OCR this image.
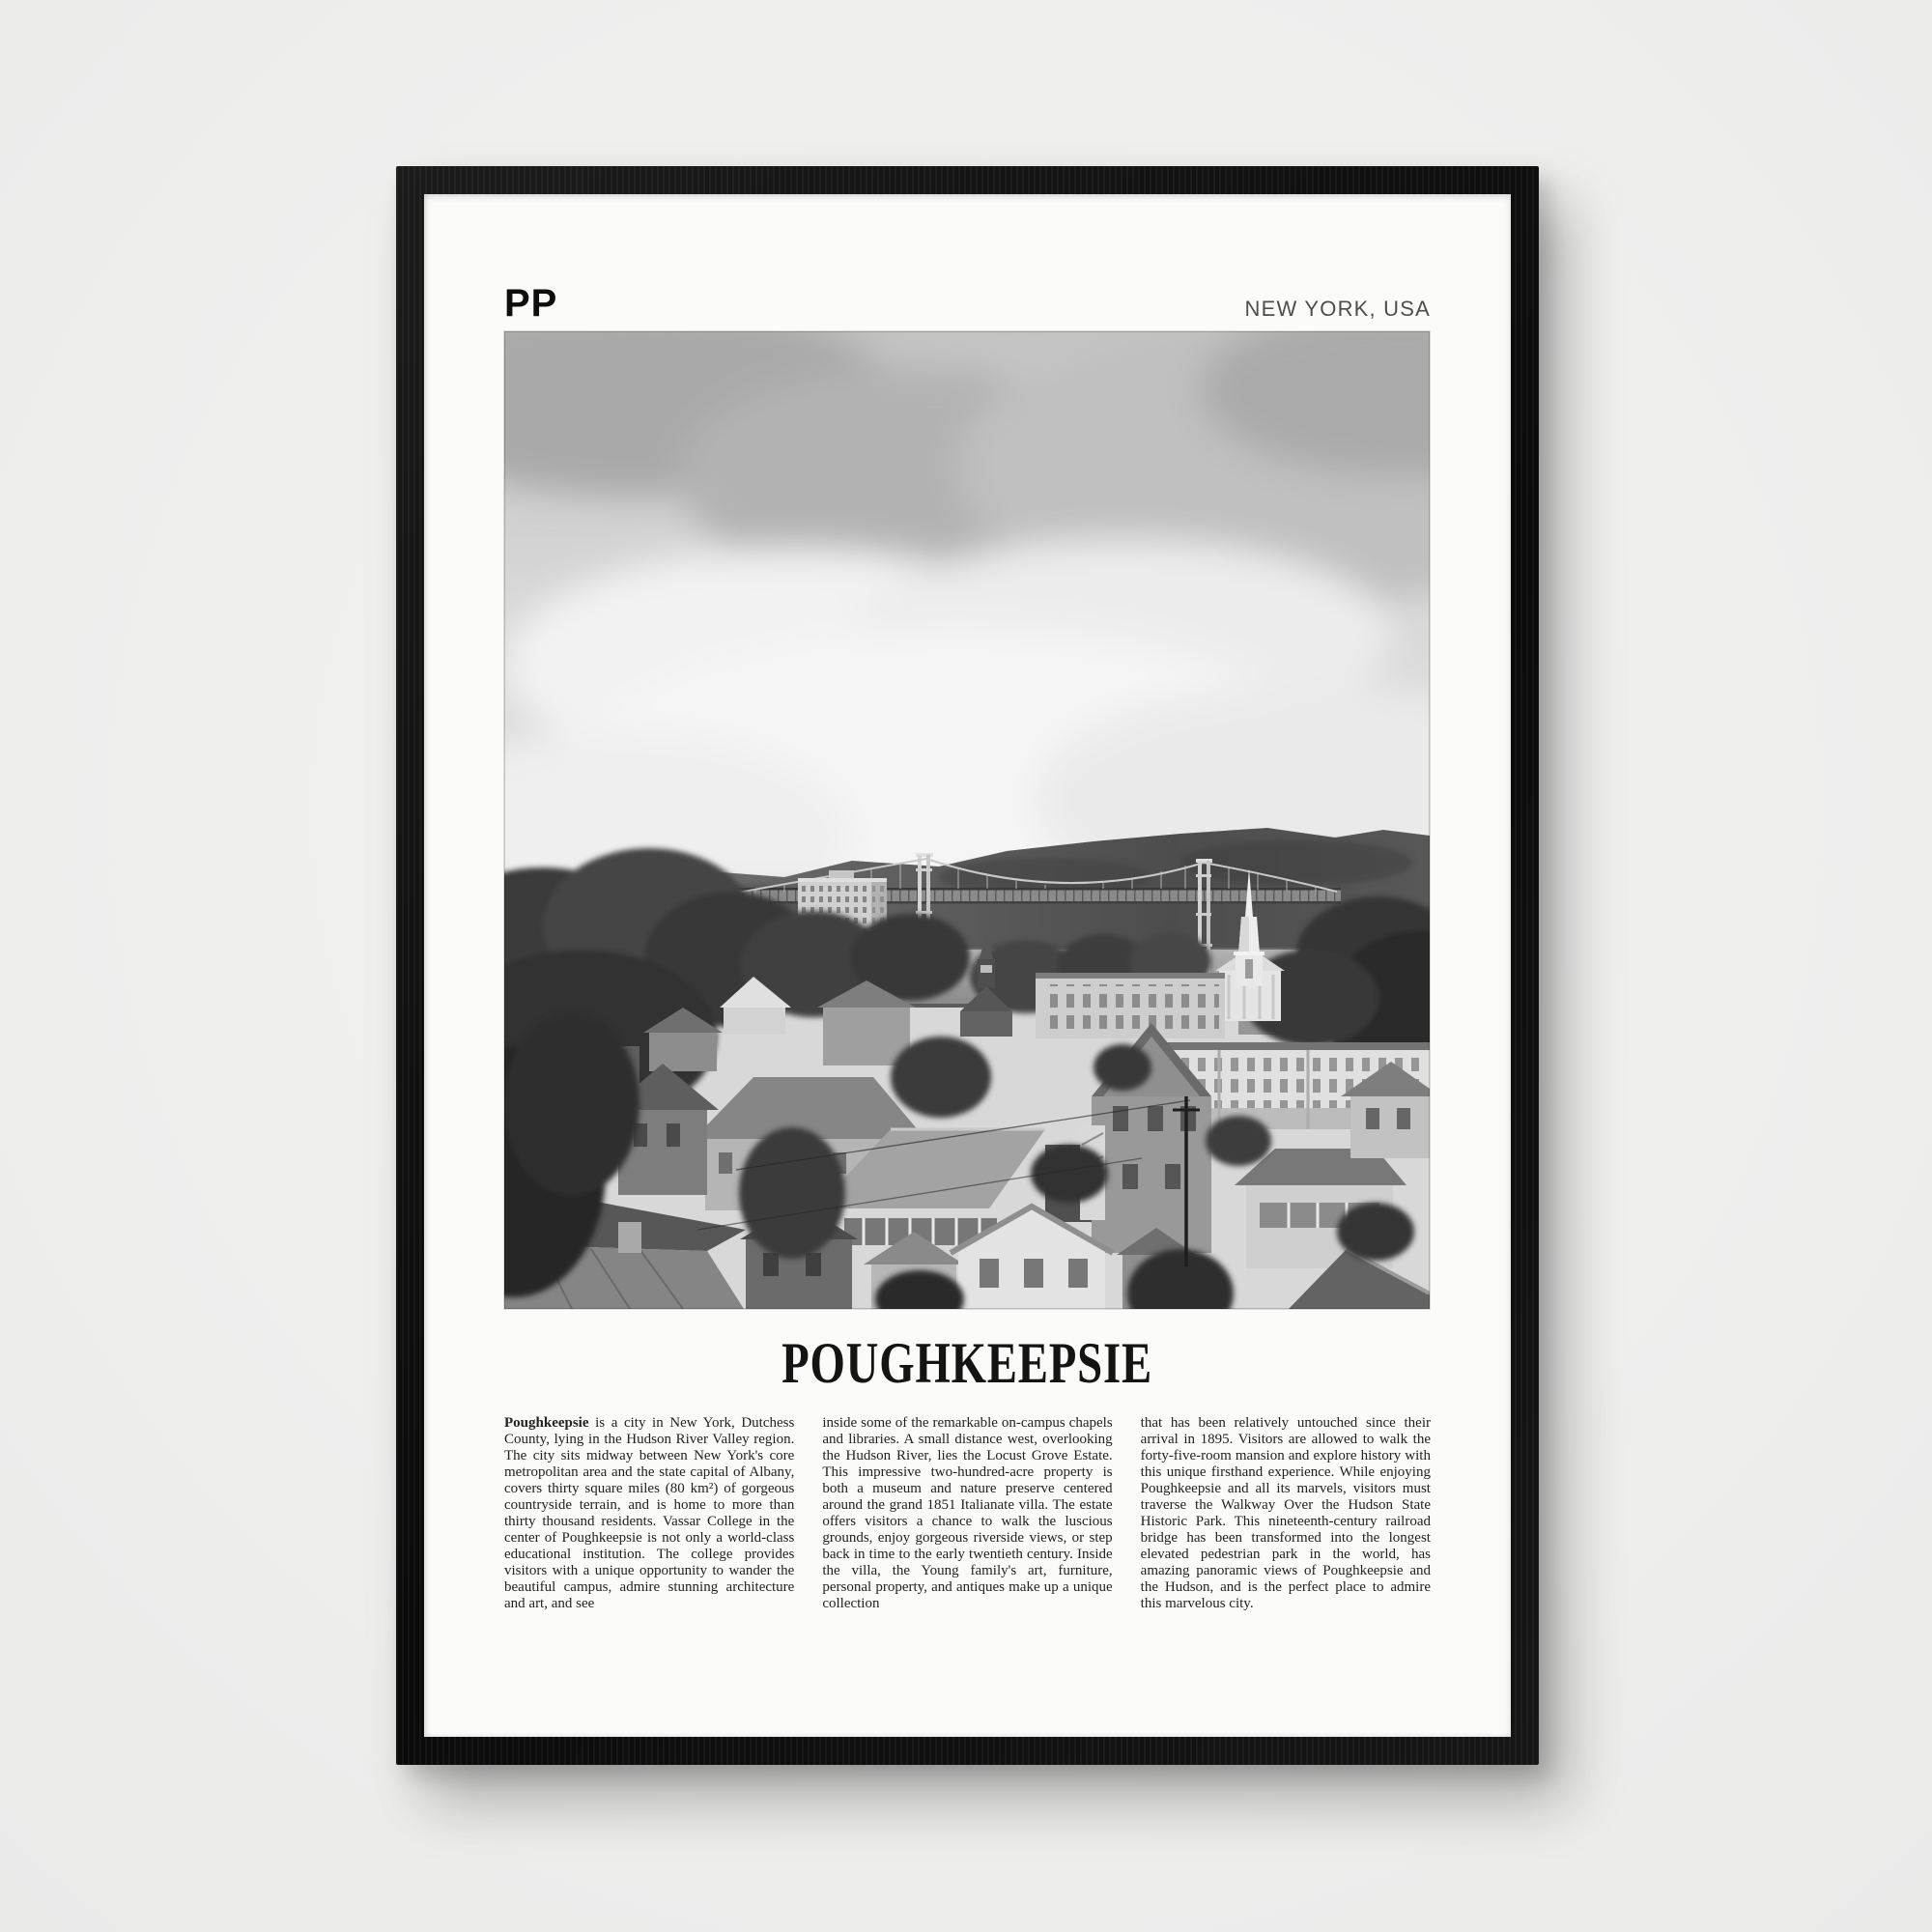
PP	NEW YORK, USA
POUGHKEEPSIE

Poughkeepsie is a city in New York, Dutchess County, lying in the Hudson River Valley region. The city sits midway between New York's core metropolitan area and the state capital of Albany, covers thirty square miles (80 km²) of gorgeous countryside terrain, and is home to more than thirty thousand residents. Vassar College in the center of Poughkeepsie is not only a world-class educational institution. The college provides visitors with a unique opportunity to wander the beautiful campus, admire stunning architecture and art, and see

inside some of the remarkable on-campus chapels and libraries. A small distance west, overlooking the Hudson River, lies the Locust Grove Estate. This impressive two-hundred-acre property is both a museum and nature preserve centered around the grand 1851 Italianate villa. The estate offers visitors a chance to walk the luscious grounds, enjoy gorgeous riverside views, or step back in time to the early twentieth century. Inside the villa, the Young family's art, furniture, personal property, and antiques make up a unique collection

that has been relatively untouched since their arrival in 1895. Visitors are allowed to walk the forty-five-room mansion and explore history with this unique firsthand experience. While enjoying Poughkeepsie and all its marvels, visitors must traverse the Walkway Over the Hudson State Historic Park. This nineteenth-century railroad bridge has been transformed into the longest elevated pedestrian park in the world, has amazing panoramic views of Poughkeepsie and the Hudson, and is the perfect place to admire this marvelous city.
